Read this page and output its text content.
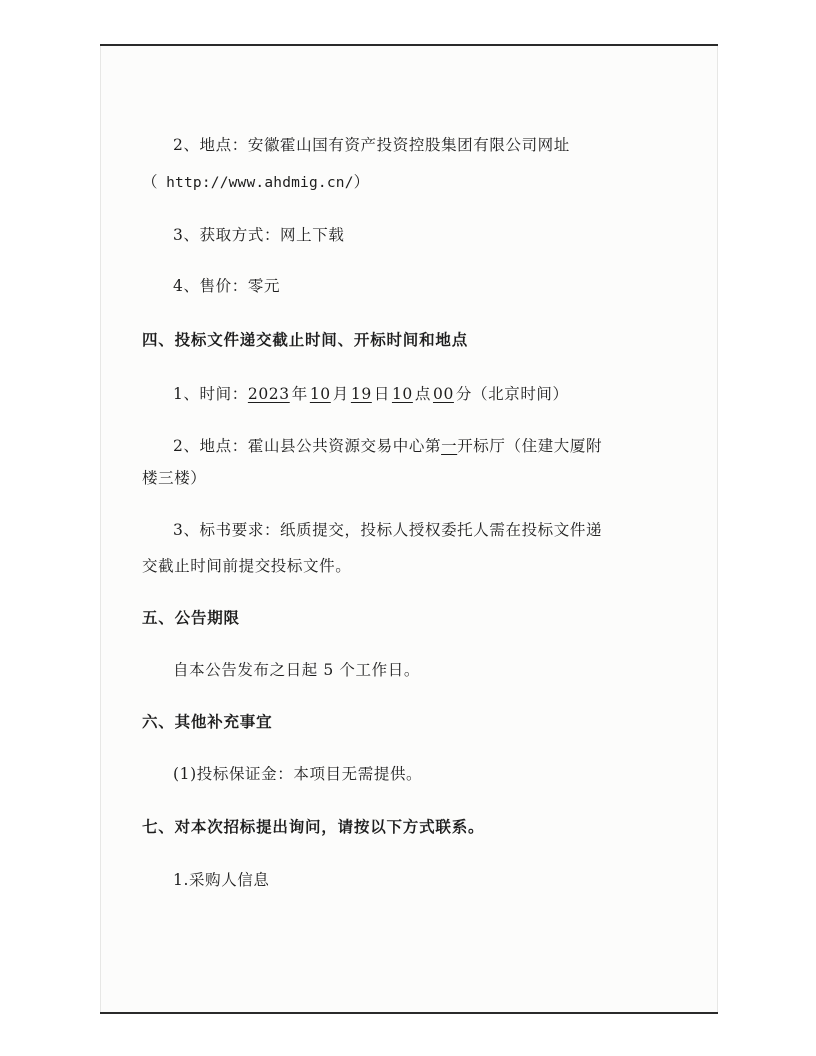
2、地点：安徽霍山国有资产投资控股集团有限公司网址
（ http://www.ahdmig.cn/）
3、获取方式：网上下载
4、售价：零元
四、投标文件递交截止时间、开标时间和地点
1、时间：2023 年 10 月 19 日 10 点 00 分（北京时间）
2、地点：霍山县公共资源交易中心第一开标厅（住建大厦附
楼三楼）
3、标书要求：纸质提交，投标人授权委托人需在投标文件递
交截止时间前提交投标文件。
五、公告期限
自本公告发布之日起 5 个工作日。
六、其他补充事宜
(1)投标保证金：本项目无需提供。
七、对本次招标提出询问，请按以下方式联系。
1.采购人信息
